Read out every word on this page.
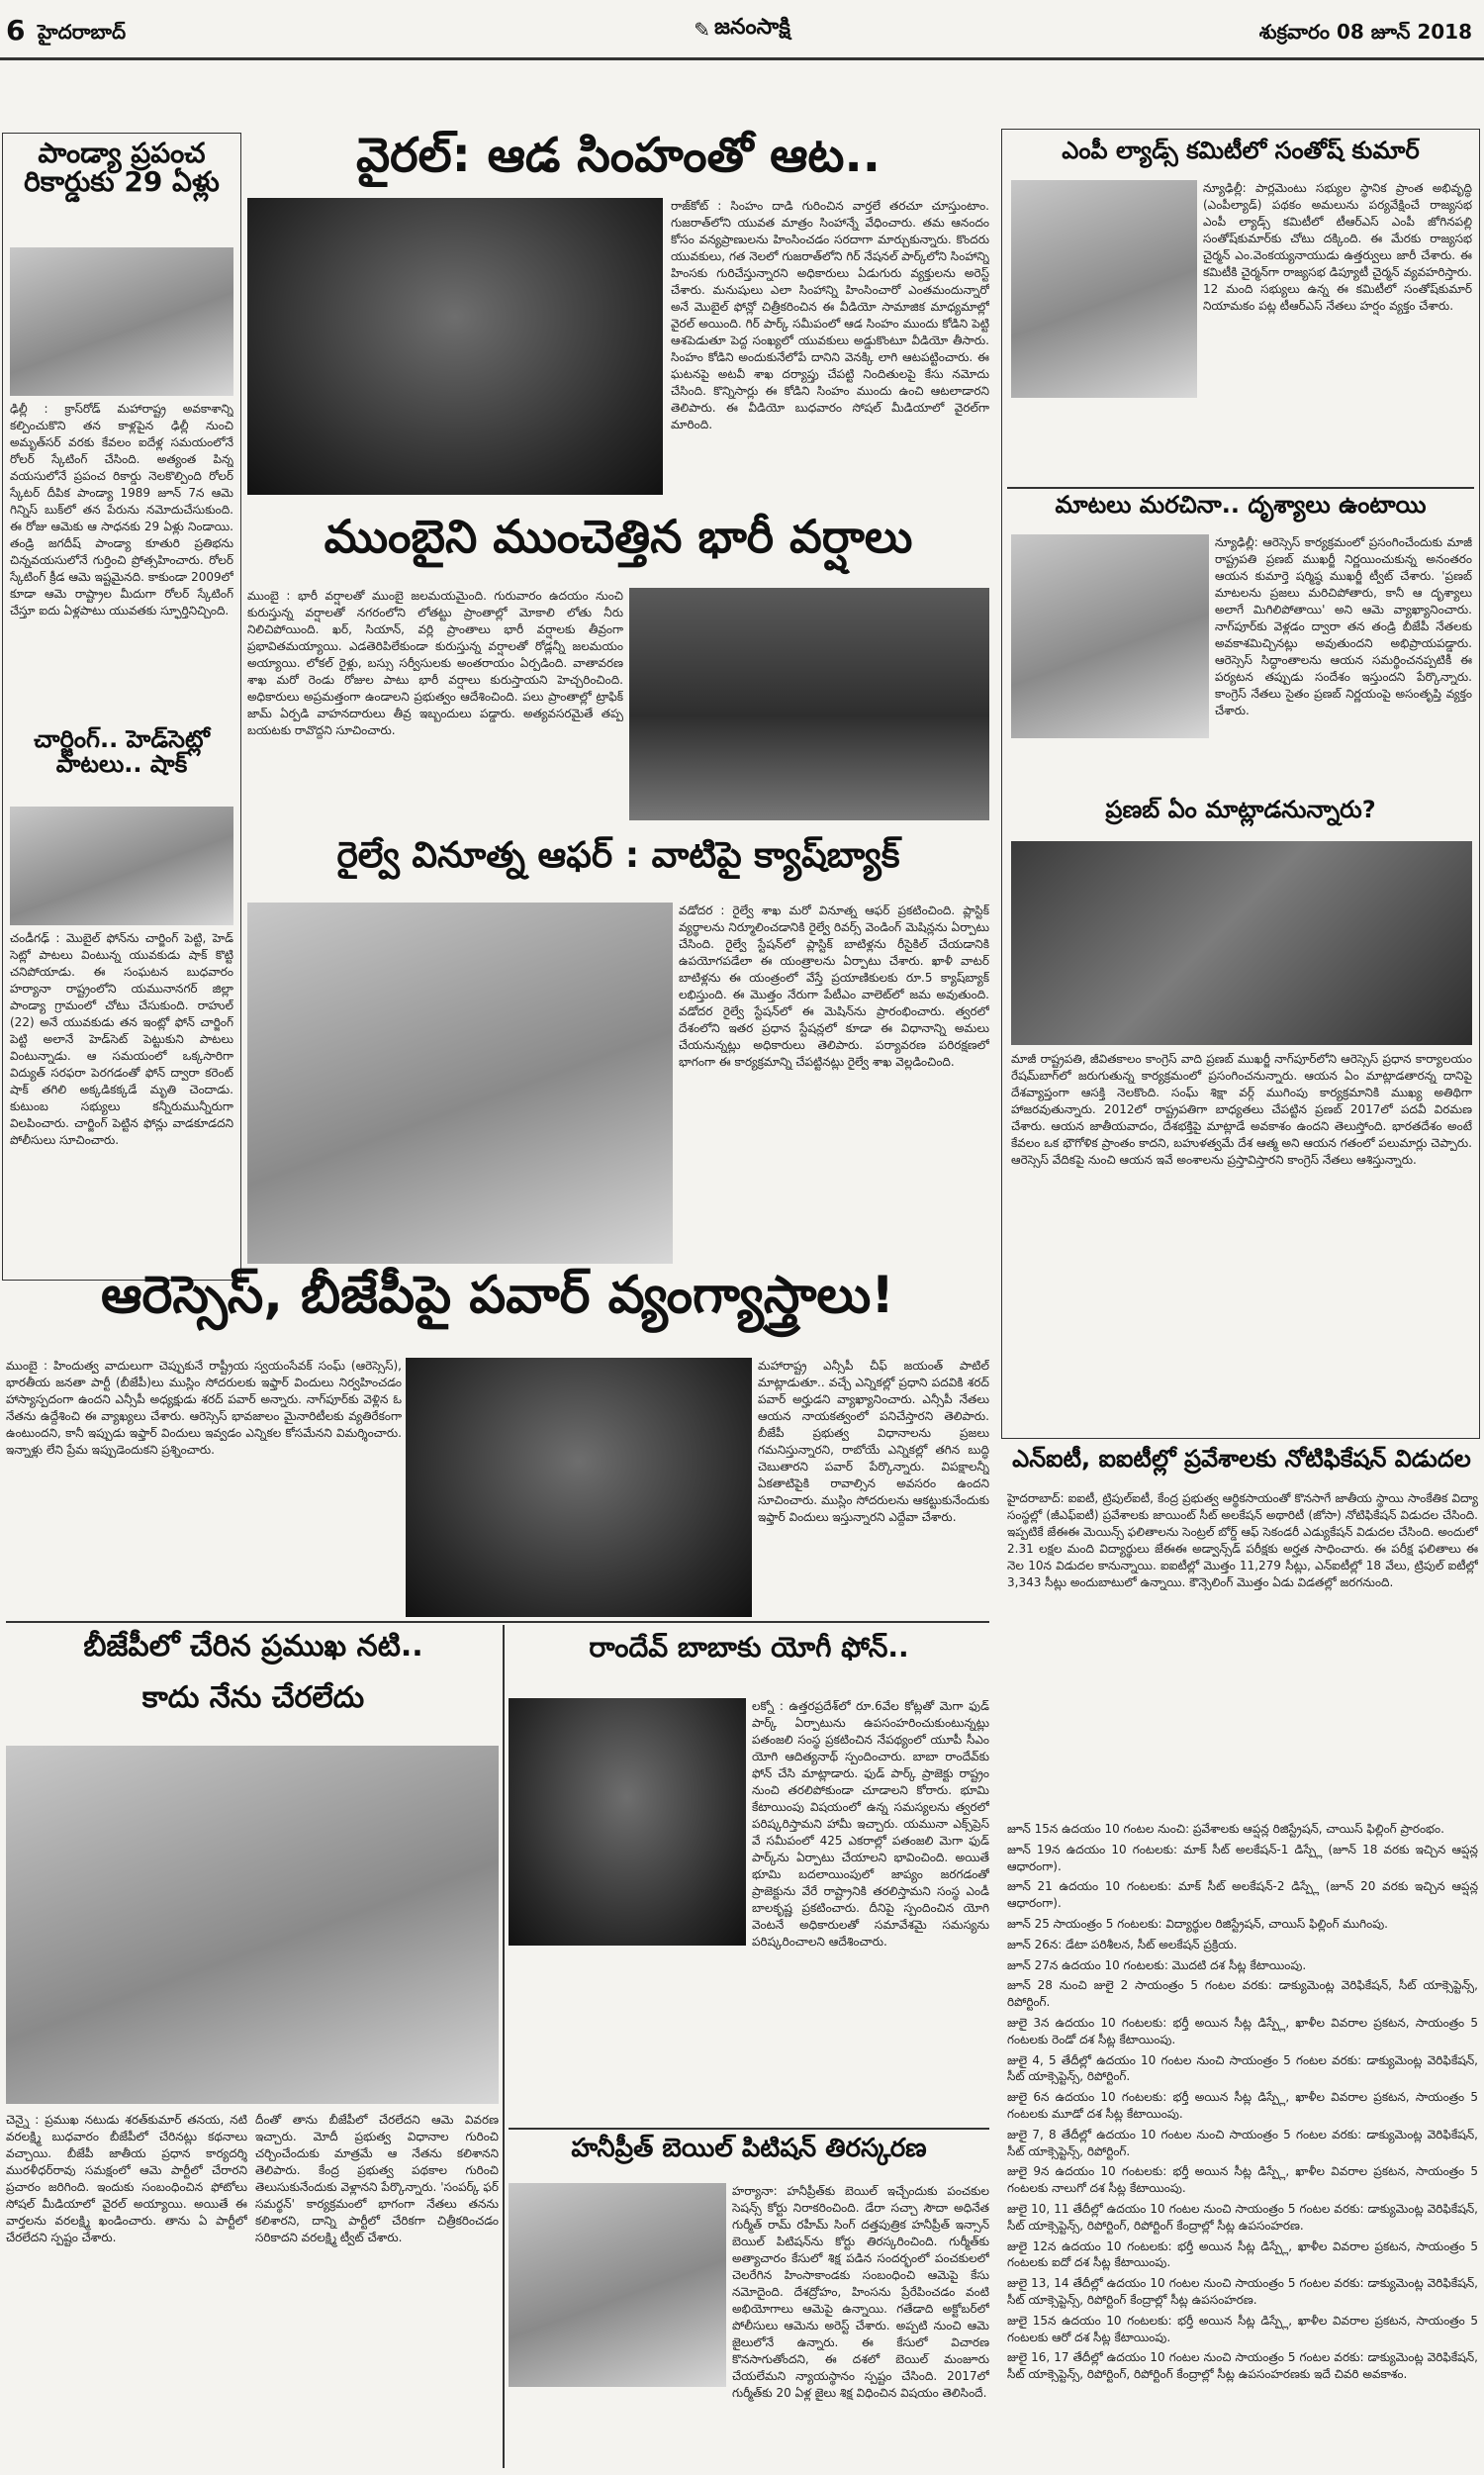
6 హైదరాబాద్	✎ జనంసాక్షి	శుక్రవారం 08 జూన్ 2018
పాండ్యా ప్రపంచ రికార్డుకు 29 ఏళ్లు
ఢిల్లీ : క్రాస్‌రోడ్ మహారాష్ట్ర అవకాశాన్ని కల్పించుకొని తన కాళ్లపైన ఢిల్లీ నుంచి అమృత్‌సర్ వరకు కేవలం ఐదేళ్ల సమయంలోనే రోలర్ స్కేటింగ్ చేసింది. అత్యంత పిన్న వయసులోనే ప్రపంచ రికార్డు నెలకొల్పింది రోలర్ స్కేటర్ దీపిక పాండ్యా 1989 జూన్ 7న ఆమె గిన్నిస్ బుక్‌లో తన పేరును నమోదుచేసుకుంది. ఈ రోజు ఆమెకు ఆ సాధనకు 29 ఏళ్లు నిండాయి. తండ్రి జగదీష్ పాండ్యా కూతురి ప్రతిభను చిన్నవయసులోనే గుర్తించి ప్రోత్సహించారు. రోలర్ స్కేటింగ్ క్రీడ ఆమె ఇష్టమైనది. కాకుండా 2009లో కూడా ఆమె రాష్ట్రాల మీదుగా రోలర్ స్కేటింగ్ చేస్తూ ఐదు ఏళ్లపాటు యువతకు స్ఫూర్తినిచ్చింది.
చార్జింగ్.. హెడ్‌సెట్లో పాటలు.. షాక్
చండీగఢ్ : మొబైల్ ఫోన్‌ను చార్జింగ్ పెట్టి, హెడ్ సెట్లో పాటలు వింటున్న యువకుడు షాక్ కొట్టి చనిపోయాడు. ఈ సంఘటన బుధవారం హర్యానా రాష్ట్రంలోని యమునానగర్ జిల్లా పాండ్యా గ్రామంలో చోటు చేసుకుంది. రాహుల్ (22) అనే యువకుడు తన ఇంట్లో ఫోన్ చార్జింగ్ పెట్టి అలానే హెడ్‌సెట్ పెట్టుకుని పాటలు వింటున్నాడు. ఆ సమయంలో ఒక్కసారిగా విద్యుత్ సరఫరా పెరగడంతో ఫోన్ ద్వారా కరెంట్ షాక్ తగిలి అక్కడికక్కడే మృతి చెందాడు. కుటుంబ సభ్యులు కన్నీరుమున్నీరుగా విలపించారు. చార్జింగ్ పెట్టిన ఫోన్లు వాడకూడదని పోలీసులు సూచించారు.
వైరల్: ఆడ సింహంతో ఆట..
రాజ్‌కోట్ : సింహం దాడి గురించిన వార్తలే తరచూ చూస్తుంటాం. గుజరాత్‌లోని యువత మాత్రం సింహాన్నే వేధించారు. తమ ఆనందం కోసం వన్యప్రాణులను హింసించడం సరదాగా మార్చుకున్నారు. కొందరు యువకులు, గత నెలలో గుజరాత్‌లోని గిర్ నేషనల్ పార్క్‌లోని సింహాన్ని హింసకు గురిచేస్తున్నారని అధికారులు ఏడుగురు వ్యక్తులను అరెస్ట్ చేశారు. మనుషులు ఎలా సింహాన్ని హింసించారో ఎంతమందున్నారో అనే మొబైల్ ఫోన్లో చిత్రీకరించిన ఈ వీడియో సామాజిక మాధ్యమాల్లో వైరల్ అయింది. గిర్ పార్క్ సమీపంలో ఆడ సింహం ముందు కోడిని పెట్టి ఆశపెడుతూ పెద్ద సంఖ్యలో యువకులు అడ్డుకొంటూ వీడియో తీసారు. సింహం కోడిని అందుకునేలోపే దానిని వెనక్కి లాగి ఆటపట్టించారు. ఈ ఘటనపై అటవీ శాఖ దర్యాప్తు చేపట్టి నిందితులపై కేసు నమోదు చేసింది. కొన్నిసార్లు ఈ కోడిని సింహం ముందు ఉంచి ఆటలాడారని తెలిపారు. ఈ వీడియో బుధవారం సోషల్ మీడియాలో వైరల్‌గా మారింది.
ముంబైని ముంచెత్తిన భారీ వర్షాలు
ముంబై : భారీ వర్షాలతో ముంబై జలమయమైంది. గురువారం ఉదయం నుంచి కురుస్తున్న వర్షాలతో నగరంలోని లోతట్టు ప్రాంతాల్లో మోకాలి లోతు నీరు నిలిచిపోయింది. ఖర్, సియాన్, వర్లి ప్రాంతాలు భారీ వర్షాలకు తీవ్రంగా ప్రభావితమయ్యాయి. ఎడతెరిపిలేకుండా కురుస్తున్న వర్షాలతో రోడ్లన్నీ జలమయం అయ్యాయి. లోకల్ రైళ్లు, బస్సు సర్వీసులకు అంతరాయం ఏర్పడింది. వాతావరణ శాఖ మరో రెండు రోజుల పాటు భారీ వర్షాలు కురుస్తాయని హెచ్చరించింది. అధికారులు అప్రమత్తంగా ఉండాలని ప్రభుత్వం ఆదేశించింది. పలు ప్రాంతాల్లో ట్రాఫిక్ జామ్ ఏర్పడి వాహనదారులు తీవ్ర ఇబ్బందులు పడ్డారు. అత్యవసరమైతే తప్ప బయటకు రావొద్దని సూచించారు.
రైల్వే వినూత్న ఆఫర్ : వాటిపై క్యాష్‌బ్యాక్
వడోదర : రైల్వే శాఖ మరో వినూత్న ఆఫర్ ప్రకటించింది. ప్లాస్టిక్ వ్యర్థాలను నిర్మూలించడానికి రైల్వే రివర్స్ వెండింగ్ మెషిన్లను ఏర్పాటు చేసింది. రైల్వే స్టేషన్‌లో ప్లాస్టిక్ బాటిళ్లను రీసైకిల్ చేయడానికి ఉపయోగపడేలా ఈ యంత్రాలను ఏర్పాటు చేశారు. ఖాళీ వాటర్ బాటిళ్లను ఈ యంత్రంలో వేస్తే ప్రయాణికులకు రూ.5 క్యాష్‌బ్యాక్ లభిస్తుంది. ఈ మొత్తం నేరుగా పేటీఎం వాలెట్‌లో జమ అవుతుంది. వడోదర రైల్వే స్టేషన్‌లో ఈ మెషిన్‌ను ప్రారంభించారు. త్వరలో దేశంలోని ఇతర ప్రధాన స్టేషన్లలో కూడా ఈ విధానాన్ని అమలు చేయనున్నట్లు అధికారులు తెలిపారు. పర్యావరణ పరిరక్షణలో భాగంగా ఈ కార్యక్రమాన్ని చేపట్టినట్లు రైల్వే శాఖ వెల్లడించింది.
ఆరెస్సెస్, బీజేపీపై పవార్ వ్యంగ్యాస్త్రాలు!
ముంబై : హిందుత్వ వాదులుగా చెప్పుకునే రాష్ట్రీయ స్వయంసేవక్ సంఘ్ (ఆరెస్సెస్), భారతీయ జనతా పార్టీ (బీజేపీ)లు ముస్లిం సోదరులకు ఇఫ్తార్ విందులు నిర్వహించడం హాస్యాస్పదంగా ఉందని ఎన్సీపీ అధ్యక్షుడు శరద్ పవార్ అన్నారు. నాగ్‌పూర్‌కు వెళ్లిన ఓ నేతను ఉద్దేశించి ఈ వ్యాఖ్యలు చేశారు. ఆరెస్సెస్ భావజాలం మైనారిటీలకు వ్యతిరేకంగా ఉంటుందని, కానీ ఇప్పుడు ఇఫ్తార్ విందులు ఇవ్వడం ఎన్నికల కోసమేనని విమర్శించారు. ఇన్నాళ్లు లేని ప్రేమ ఇప్పుడెందుకని ప్రశ్నించారు.
మహారాష్ట్ర ఎన్సీపీ చీఫ్ జయంత్ పాటిల్ మాట్లాడుతూ.. వచ్చే ఎన్నికల్లో ప్రధాని పదవికి శరద్ పవార్ అర్హుడని వ్యాఖ్యానించారు. ఎన్సీపీ నేతలు ఆయన నాయకత్వంలో పనిచేస్తారని తెలిపారు. బీజేపీ ప్రభుత్వ విధానాలను ప్రజలు గమనిస్తున్నారని, రాబోయే ఎన్నికల్లో తగిన బుద్ధి చెబుతారని పవార్ పేర్కొన్నారు. విపక్షాలన్నీ ఏకతాటిపైకి రావాల్సిన అవసరం ఉందని సూచించారు. ముస్లిం సోదరులను ఆకట్టుకునేందుకు ఇఫ్తార్ విందులు ఇస్తున్నారని ఎద్దేవా చేశారు.
బీజేపీలో చేరిన ప్రముఖ నటి..
కాదు నేను చేరలేదు
చెన్నై : ప్రముఖ నటుడు శరత్‌కుమార్ తనయ, నటి వరలక్ష్మి బుధవారం బీజేపీలో చేరినట్లు కథనాలు వచ్చాయి. బీజేపీ జాతీయ ప్రధాన కార్యదర్శి మురళీధర్‌రావు సమక్షంలో ఆమె పార్టీలో చేరారని ప్రచారం జరిగింది. ఇందుకు సంబంధించిన ఫోటోలు సోషల్ మీడియాలో వైరల్ అయ్యాయి. అయితే ఈ వార్తలను వరలక్ష్మి ఖండించారు. తాను ఏ పార్టీలో చేరలేదని స్పష్టం చేశారు.
దీంతో తాను బీజేపీలో చేరలేదని ఆమె వివరణ ఇచ్చారు. మోదీ ప్రభుత్వ విధానాల గురించి చర్చించేందుకు మాత్రమే ఆ నేతను కలిశానని తెలిపారు. కేంద్ర ప్రభుత్వ పథకాల గురించి తెలుసుకునేందుకు వెళ్లానని పేర్కొన్నారు. 'సంపర్క్ ఫర్ సమర్థన్' కార్యక్రమంలో భాగంగా నేతలు తనను కలిశారని, దాన్ని పార్టీలో చేరికగా చిత్రీకరించడం సరికాదని వరలక్ష్మి ట్వీట్ చేశారు.
రాందేవ్ బాబాకు యోగీ ఫోన్..
లక్నో : ఉత్తరప్రదేశ్‌లో రూ.6వేల కోట్లతో మెగా ఫుడ్ పార్క్ ఏర్పాటును ఉపసంహరించుకుంటున్నట్లు పతంజలి సంస్థ ప్రకటించిన నేపథ్యంలో యూపీ సీఎం యోగి ఆదిత్యనాథ్ స్పందించారు. బాబా రాందేవ్‌కు ఫోన్ చేసి మాట్లాడారు. ఫుడ్ పార్క్ ప్రాజెక్టు రాష్ట్రం నుంచి తరలిపోకుండా చూడాలని కోరారు. భూమి కేటాయింపు విషయంలో ఉన్న సమస్యలను త్వరలో పరిష్కరిస్తామని హామీ ఇచ్చారు. యమునా ఎక్స్‌ప్రెస్ వే సమీపంలో 425 ఎకరాల్లో పతంజలి మెగా ఫుడ్ పార్క్‌ను ఏర్పాటు చేయాలని భావించింది. అయితే భూమి బదలాయింపులో జాప్యం జరగడంతో ప్రాజెక్టును వేరే రాష్ట్రానికి తరలిస్తామని సంస్థ ఎండీ బాలకృష్ణ ప్రకటించారు. దీనిపై స్పందించిన యోగి వెంటనే అధికారులతో సమావేశమై సమస్యను పరిష్కరించాలని ఆదేశించారు.
హనీప్రీత్ బెయిల్ పిటిషన్ తిరస్కరణ
హర్యానా: హనీప్రీత్‌కు బెయిల్ ఇచ్చేందుకు పంచకుల సెషన్స్ కోర్టు నిరాకరించింది. డేరా సచ్చా సౌదా అధినేత గుర్మీత్ రామ్ రహీమ్ సింగ్ దత్తపుత్రిక హనీప్రీత్ ఇన్సాన్ బెయిల్ పిటిషన్‌ను కోర్టు తిరస్కరించింది. గుర్మీత్‌కు అత్యాచారం కేసులో శిక్ష పడిన సందర్భంలో పంచకులలో చెలరేగిన హింసాకాండకు సంబంధించి ఆమెపై కేసు నమోదైంది. దేశద్రోహం, హింసను ప్రేరేపించడం వంటి అభియోగాలు ఆమెపై ఉన్నాయి. గతేడాది అక్టోబర్‌లో పోలీసులు ఆమెను అరెస్ట్ చేశారు. అప్పటి నుంచి ఆమె జైలులోనే ఉన్నారు. ఈ కేసులో విచారణ కొనసాగుతోందని, ఈ దశలో బెయిల్ మంజూరు చేయలేమని న్యాయస్థానం స్పష్టం చేసింది. 2017లో గుర్మీత్‌కు 20 ఏళ్ల జైలు శిక్ష విధించిన విషయం తెలిసిందే.
ఎంపీ ల్యాడ్స్ కమిటీలో సంతోష్ కుమార్
న్యూఢిల్లీ: పార్లమెంటు సభ్యుల స్థానిక ప్రాంత అభివృద్ధి (ఎంపీల్యాడ్) పథకం అమలును పర్యవేక్షించే రాజ్యసభ ఎంపీ ల్యాడ్స్ కమిటీలో టీఆర్ఎస్ ఎంపీ జోగినపల్లి సంతోష్‌కుమార్‌కు చోటు దక్కింది. ఈ మేరకు రాజ్యసభ చైర్మన్ ఎం.వెంకయ్యనాయుడు ఉత్తర్వులు జారీ చేశారు. ఈ కమిటీకి చైర్మన్‌గా రాజ్యసభ డిప్యూటీ చైర్మన్ వ్యవహరిస్తారు. 12 మంది సభ్యులు ఉన్న ఈ కమిటీలో సంతోష్‌కుమార్ నియామకం పట్ల టీఆర్ఎస్ నేతలు హర్షం వ్యక్తం చేశారు.
మాటలు మరచినా.. దృశ్యాలు ఉంటాయి
న్యూఢిల్లీ: ఆరెస్సెస్ కార్యక్రమంలో ప్రసంగించేందుకు మాజీ రాష్ట్రపతి ప్రణబ్ ముఖర్జీ నిర్ణయించుకున్న అనంతరం ఆయన కుమార్తె షర్మిష్ఠ ముఖర్జీ ట్వీట్ చేశారు. 'ప్రణబ్ మాటలను ప్రజలు మరిచిపోతారు, కానీ ఆ దృశ్యాలు అలాగే మిగిలిపోతాయి' అని ఆమె వ్యాఖ్యానించారు. నాగ్‌పూర్‌కు వెళ్లడం ద్వారా తన తండ్రి బీజేపీ నేతలకు అవకాశమిచ్చినట్లు అవుతుందని అభిప్రాయపడ్డారు. ఆరెస్సెస్ సిద్ధాంతాలను ఆయన సమర్థించనప్పటికీ ఈ పర్యటన తప్పుడు సందేశం ఇస్తుందని పేర్కొన్నారు. కాంగ్రెస్ నేతలు సైతం ప్రణబ్ నిర్ణయంపై అసంతృప్తి వ్యక్తం చేశారు.
ప్రణబ్ ఏం మాట్లాడనున్నారు?
మాజీ రాష్ట్రపతి, జీవితకాలం కాంగ్రెస్ వాది ప్రణబ్ ముఖర్జీ నాగ్‌పూర్‌లోని ఆరెస్సెస్ ప్రధాన కార్యాలయం రేషమ్‌బాగ్‌లో జరుగుతున్న కార్యక్రమంలో ప్రసంగించనున్నారు. ఆయన ఏం మాట్లాడతారన్న దానిపై దేశవ్యాప్తంగా ఆసక్తి నెలకొంది. సంఘ్ శిక్షా వర్గ్ ముగింపు కార్యక్రమానికి ముఖ్య అతిథిగా హాజరవుతున్నారు. 2012లో రాష్ట్రపతిగా బాధ్యతలు చేపట్టిన ప్రణబ్ 2017లో పదవీ విరమణ చేశారు. ఆయన జాతీయవాదం, దేశభక్తిపై మాట్లాడే అవకాశం ఉందని తెలుస్తోంది. భారతదేశం అంటే కేవలం ఒక భౌగోళిక ప్రాంతం కాదని, బహుళత్వమే దేశ ఆత్మ అని ఆయన గతంలో పలుమార్లు చెప్పారు. ఆరెస్సెస్ వేదికపై నుంచి ఆయన ఇవే అంశాలను ప్రస్తావిస్తారని కాంగ్రెస్ నేతలు ఆశిస్తున్నారు.
ఎన్ఐటీ, ఐఐటీల్లో ప్రవేశాలకు నోటిఫికేషన్ విడుదల
హైదరాబాద్: ఐఐటీ, ట్రిపుల్ఐటీ, కేంద్ర ప్రభుత్వ ఆర్థికసాయంతో కొనసాగే జాతీయ స్థాయి సాంకేతిక విద్యా సంస్థల్లో (జీఎఫ్ఐటీ) ప్రవేశాలకు జాయింట్ సీట్ అలకేషన్ అథారిటీ (జోసా) నోటిఫికేషన్ విడుదల చేసింది. ఇప్పటికే జేఈఈ మెయిన్స్ ఫలితాలను సెంట్రల్ బోర్డ్ ఆఫ్ సెకండరీ ఎడ్యుకేషన్ విడుదల చేసింది. అందులో 2.31 లక్షల మంది విద్యార్థులు జేఈఈ అడ్వాన్స్‌డ్ పరీక్షకు అర్హత సాధించారు. ఈ పరీక్ష ఫలితాలు ఈ నెల 10న విడుదల కానున్నాయి. ఐఐటీల్లో మొత్తం 11,279 సీట్లు, ఎన్ఐటీల్లో 18 వేలు, ట్రిపుల్ ఐటీల్లో 3,343 సీట్లు అందుబాటులో ఉన్నాయి. కౌన్సెలింగ్ మొత్తం ఏడు విడతల్లో జరగనుంది.
జూన్ 15న ఉదయం 10 గంటల నుంచి: ప్రవేశాలకు ఆప్షన్ల రిజిస్ట్రేషన్, చాయిస్ ఫిల్లింగ్ ప్రారంభం.
జూన్ 19న ఉదయం 10 గంటలకు: మాక్ సీట్ అలకేషన్-1 డిస్ప్లే (జూన్ 18 వరకు ఇచ్చిన ఆప్షన్ల ఆధారంగా).
జూన్ 21 ఉదయం 10 గంటలకు: మాక్ సీట్ అలకేషన్-2 డిస్ప్లే (జూన్ 20 వరకు ఇచ్చిన ఆప్షన్ల ఆధారంగా).
జూన్ 25 సాయంత్రం 5 గంటలకు: విద్యార్థుల రిజిస్ట్రేషన్, చాయిస్ ఫిల్లింగ్ ముగింపు.
జూన్ 26న: డేటా పరిశీలన, సీట్ అలకేషన్ ప్రక్రియ.
జూన్ 27న ఉదయం 10 గంటలకు: మొదటి దశ సీట్ల కేటాయింపు.
జూన్ 28 నుంచి జులై 2 సాయంత్రం 5 గంటల వరకు: డాక్యుమెంట్ల వెరిఫికేషన్, సీట్ యాక్సెప్టెన్స్, రిపోర్టింగ్.
జులై 3న ఉదయం 10 గంటలకు: భర్తీ అయిన సీట్ల డిస్ప్లే, ఖాళీల వివరాల ప్రకటన, సాయంత్రం 5 గంటలకు రెండో దశ సీట్ల కేటాయింపు.
జులై 4, 5 తేదీల్లో ఉదయం 10 గంటల నుంచి సాయంత్రం 5 గంటల వరకు: డాక్యుమెంట్ల వెరిఫికేషన్, సీట్ యాక్సెప్టెన్స్, రిపోర్టింగ్.
జులై 6న ఉదయం 10 గంటలకు: భర్తీ అయిన సీట్ల డిస్ప్లే, ఖాళీల వివరాల ప్రకటన, సాయంత్రం 5 గంటలకు మూడో దశ సీట్ల కేటాయింపు.
జులై 7, 8 తేదీల్లో ఉదయం 10 గంటల నుంచి సాయంత్రం 5 గంటల వరకు: డాక్యుమెంట్ల వెరిఫికేషన్, సీట్ యాక్సెప్టెన్స్, రిపోర్టింగ్.
జులై 9న ఉదయం 10 గంటలకు: భర్తీ అయిన సీట్ల డిస్ప్లే, ఖాళీల వివరాల ప్రకటన, సాయంత్రం 5 గంటలకు నాలుగో దశ సీట్ల కేటాయింపు.
జులై 10, 11 తేదీల్లో ఉదయం 10 గంటల నుంచి సాయంత్రం 5 గంటల వరకు: డాక్యుమెంట్ల వెరిఫికేషన్, సీట్ యాక్సెప్టెన్స్, రిపోర్టింగ్, రిపోర్టింగ్ కేంద్రాల్లో సీట్ల ఉపసంహరణ.
జులై 12న ఉదయం 10 గంటలకు: భర్తీ అయిన సీట్ల డిస్ప్లే, ఖాళీల వివరాల ప్రకటన, సాయంత్రం 5 గంటలకు ఐదో దశ సీట్ల కేటాయింపు.
జులై 13, 14 తేదీల్లో ఉదయం 10 గంటల నుంచి సాయంత్రం 5 గంటల వరకు: డాక్యుమెంట్ల వెరిఫికేషన్, సీట్ యాక్సెప్టెన్స్, రిపోర్టింగ్ కేంద్రాల్లో సీట్ల ఉపసంహరణ.
జులై 15న ఉదయం 10 గంటలకు: భర్తీ అయిన సీట్ల డిస్ప్లే, ఖాళీల వివరాల ప్రకటన, సాయంత్రం 5 గంటలకు ఆరో దశ సీట్ల కేటాయింపు.
జులై 16, 17 తేదీల్లో ఉదయం 10 గంటల నుంచి సాయంత్రం 5 గంటల వరకు: డాక్యుమెంట్ల వెరిఫికేషన్, సీట్ యాక్సెప్టెన్స్, రిపోర్టింగ్, రిపోర్టింగ్ కేంద్రాల్లో సీట్ల ఉపసంహరణకు ఇదే చివరి అవకాశం.
